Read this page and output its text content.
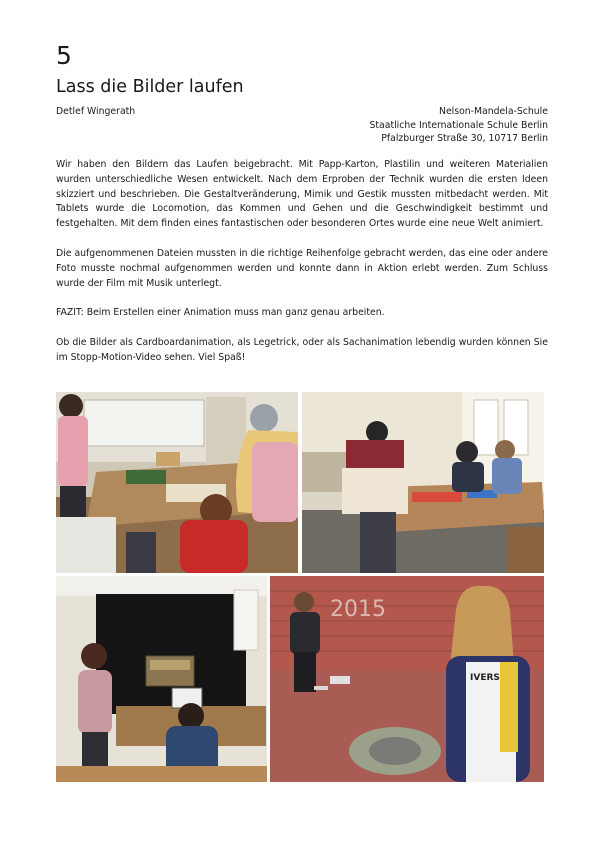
5
Lass die Bilder laufen
Detlef Wingerath	Nelson-Mandela-Schule
Staatliche Internationale Schule Berlin
Pfalzburger Straße 30, 10717 Berlin

Wir haben den Bildern das Laufen beigebracht. Mit Papp-Karton, Plastilin und weiteren Materialien wurden unterschiedliche Wesen entwickelt. Nach dem Erproben der Technik wurden die ersten Ideen skizziert und beschrieben. Die Gestaltveränderung, Mimik und Gestik mussten mitbedacht werden. Mit Tablets wurde die Locomotion, das Kommen und Gehen und die Geschwindigkeit bestimmt und festgehalten. Mit dem finden eines fantastischen oder besonderen Ortes wurde eine neue Welt animiert.

Die aufgenommenen Dateien mussten in die richtige Reihenfolge gebracht werden, das eine oder andere Foto musste nochmal aufgenommen werden und konnte dann in Aktion erlebt werden. Zum Schluss wurde der Film mit Musik unterlegt.

FAZIT: Beim Erstellen einer Animation muss man ganz genau arbeiten.

Ob die Bilder als Cardboardanimation, als Legetrick, oder als Sachanimation lebendig wurden können Sie im Stopp-Motion-Video sehen. Viel Spaß!

2015
IVERS
